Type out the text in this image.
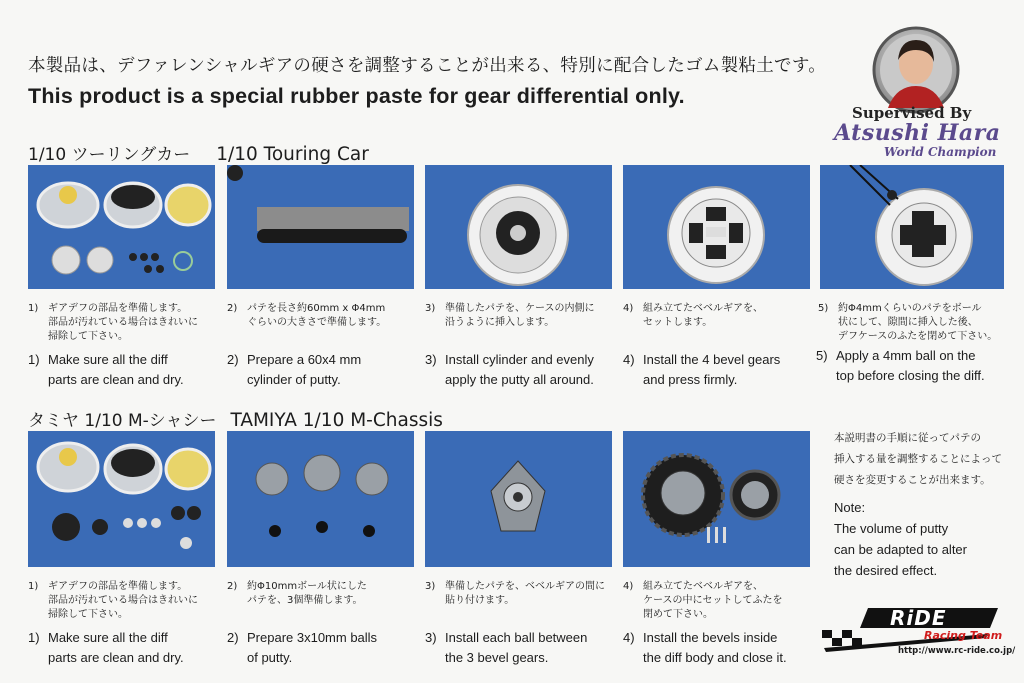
本製品は、デファレンシャルギアの硬さを調整することが出来る、特別に配合したゴム製粘土です。
This product is a special rubber paste for gear differential only.
Supervised By
Atsushi Hara
World Champion
1/10 ツーリングカー 1/10 Touring Car
1) ギアデフの部品を準備します。
部品が汚れている場合はきれいに
掃除して下さい。
1) Make sure all the diff
parts are clean and dry.
2) パテを長さ約60mm x Φ4mm
ぐらいの大きさで準備します。
2) Prepare a 60x4 mm
cylinder of putty.
3) 準備したパテを、ケースの内側に
沿うように挿入します。
3) Install cylinder and evenly
apply the putty all around.
4) 組み立てたベベルギアを、
セットします。
4) Install the 4 bevel gears
and press firmly.
5) 約Φ4mmくらいのパテをボール
状にして、隙間に挿入した後、
デフケースのふたを閉めて下さい。
5) Apply a 4mm ball on the
top before closing the diff.
タミヤ 1/10 M-シャシー TAMIYA 1/10 M-Chassis
1) ギアデフの部品を準備します。
部品が汚れている場合はきれいに
掃除して下さい。
1) Make sure all the diff
parts are clean and dry.
2) 約Φ10mmボール状にした
パテを、3個準備します。
2) Prepare 3x10mm balls
of putty.
3) 準備したパテを、ベベルギアの間に
貼り付けます。
3) Install each ball between
the 3 bevel gears.
4) 組み立てたベベルギアを、
ケースの中にセットしてふたを
閉めて下さい。
4) Install the bevels inside
the diff body and close it.
本説明書の手順に従ってパテの
挿入する量を調整することによって
硬さを変更することが出来ます。
Note:
The volume of putty
can be adapted to alter
the desired effect.
RiDE
Racing Team
http://www.rc-ride.co.jp/
